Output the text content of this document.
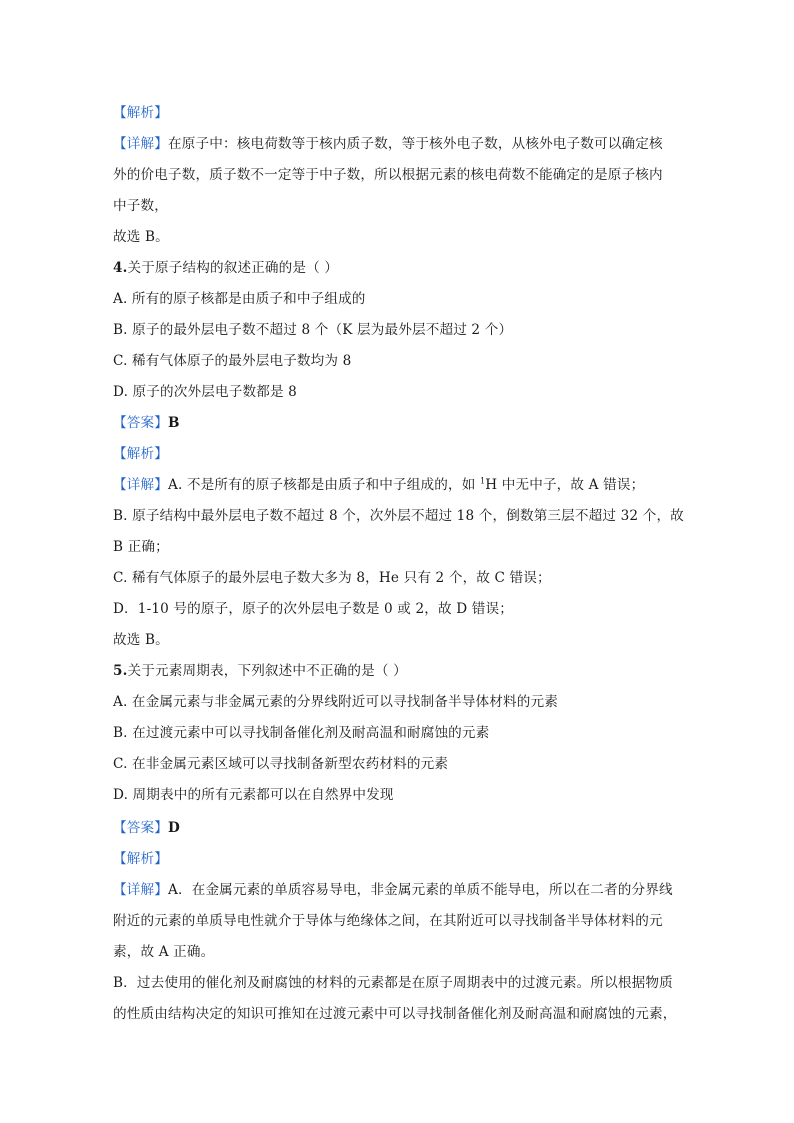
【解析】
【详解】在原子中：核电荷数等于核内质子数，等于核外电子数，从核外电子数可以确定核
外的价电子数，质子数不一定等于中子数，所以根据元素的核电荷数不能确定的是原子核内
中子数，
故选 B。
4.关于原子结构的叙述正确的是（ ）
A. 所有的原子核都是由质子和中子组成的
B. 原子的最外层电子数不超过 8 个（K 层为最外层不超过 2 个）
C. 稀有气体原子的最外层电子数均为 8
D. 原子的次外层电子数都是 8
【答案】B
【解析】
【详解】A. 不是所有的原子核都是由质子和中子组成的，如 $^1$H 中无中子，故 A 错误；
B. 原子结构中最外层电子数不超过 8 个，次外层不超过 18 个，倒数第三层不超过 32 个，故
B 正确；
C. 稀有气体原子的最外层电子数大多为 8，He 只有 2 个，故 C 错误；
D．1-10 号的原子，原子的次外层电子数是 0 或 2，故 D 错误；
故选 B。
5.关于元素周期表，下列叙述中不正确的是（ ）
A. 在金属元素与非金属元素的分界线附近可以寻找制备半导体材料的元素
B. 在过渡元素中可以寻找制备催化剂及耐高温和耐腐蚀的元素
C. 在非金属元素区域可以寻找制备新型农药材料的元素
D. 周期表中的所有元素都可以在自然界中发现
【答案】D
【解析】
【详解】A．在金属元素的单质容易导电，非金属元素的单质不能导电，所以在二者的分界线
附近的元素的单质导电性就介于导体与绝缘体之间，在其附近可以寻找制备半导体材料的元
素，故 A 正确。
B．过去使用的催化剂及耐腐蚀的材料的元素都是在原子周期表中的过渡元素。所以根据物质
的性质由结构决定的知识可推知在过渡元素中可以寻找制备催化剂及耐高温和耐腐蚀的元素，
